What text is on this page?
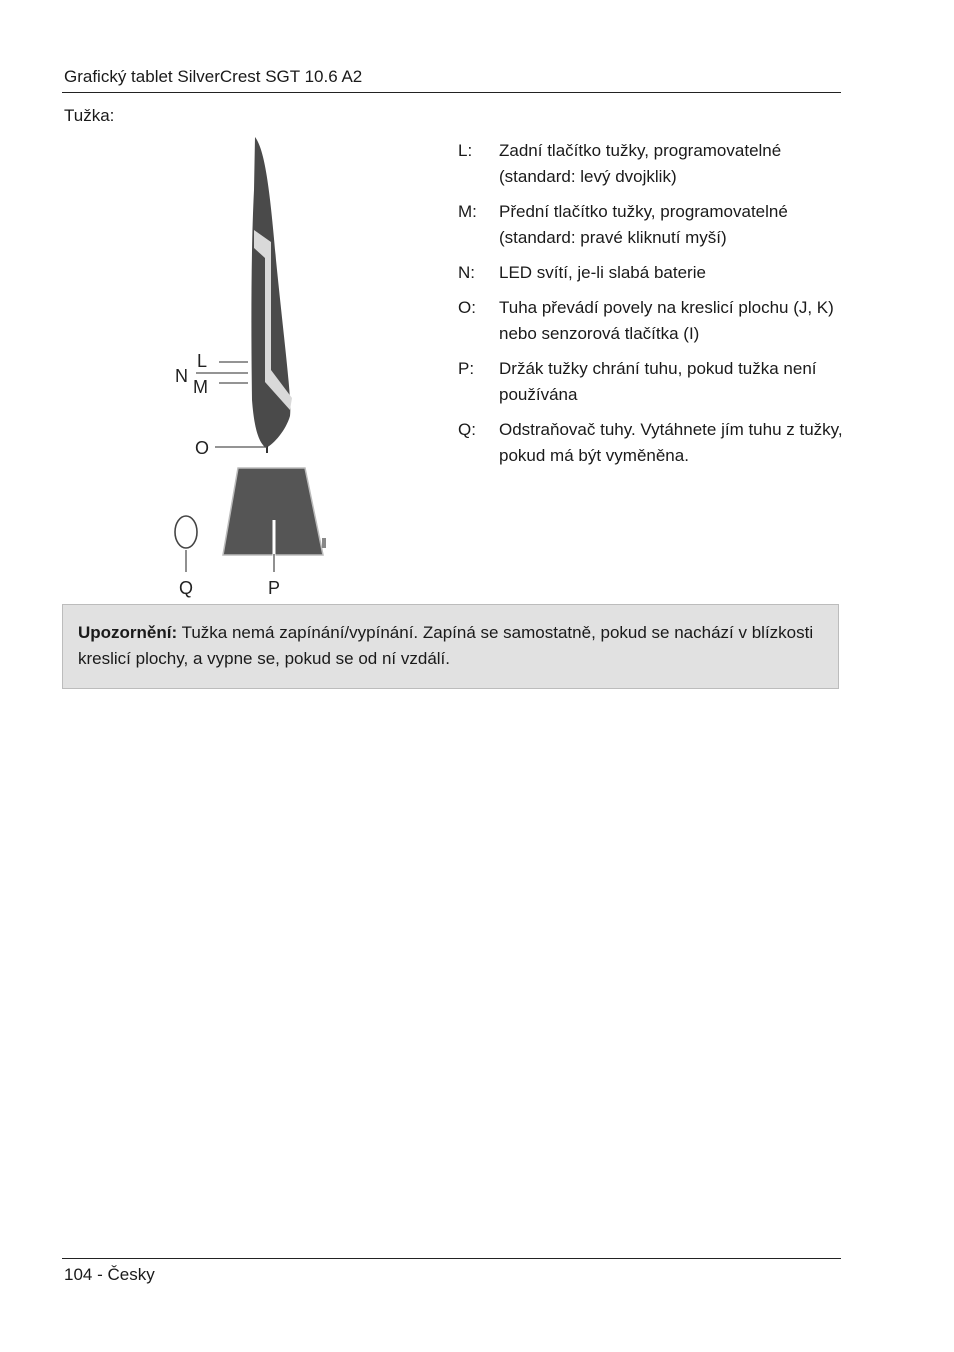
Grafický tablet SilverCrest SGT 10.6 A2
Tužka:
L
N
M
O
Q	P
L:	Zadní tlačítko tužky, programovatelné (standard: levý dvojklik)
M:	Přední tlačítko tužky, programovatelné (standard: pravé kliknutí myší)
N:	LED svítí, je-li slabá baterie
O:	Tuha převádí povely na kreslicí plochu (J, K) nebo senzorová tlačítka (I)
P:	Držák tužky chrání tuhu, pokud tužka není používána
Q:	Odstraňovač tuhy. Vytáhnete jím tuhu z tužky, pokud má být vyměněna.
Upozornění: Tužka nemá zapínání/vypínání. Zapíná se samostatně, pokud se nachází v blízkosti kreslicí plochy, a vypne se, pokud se od ní vzdálí.
104 - Česky
